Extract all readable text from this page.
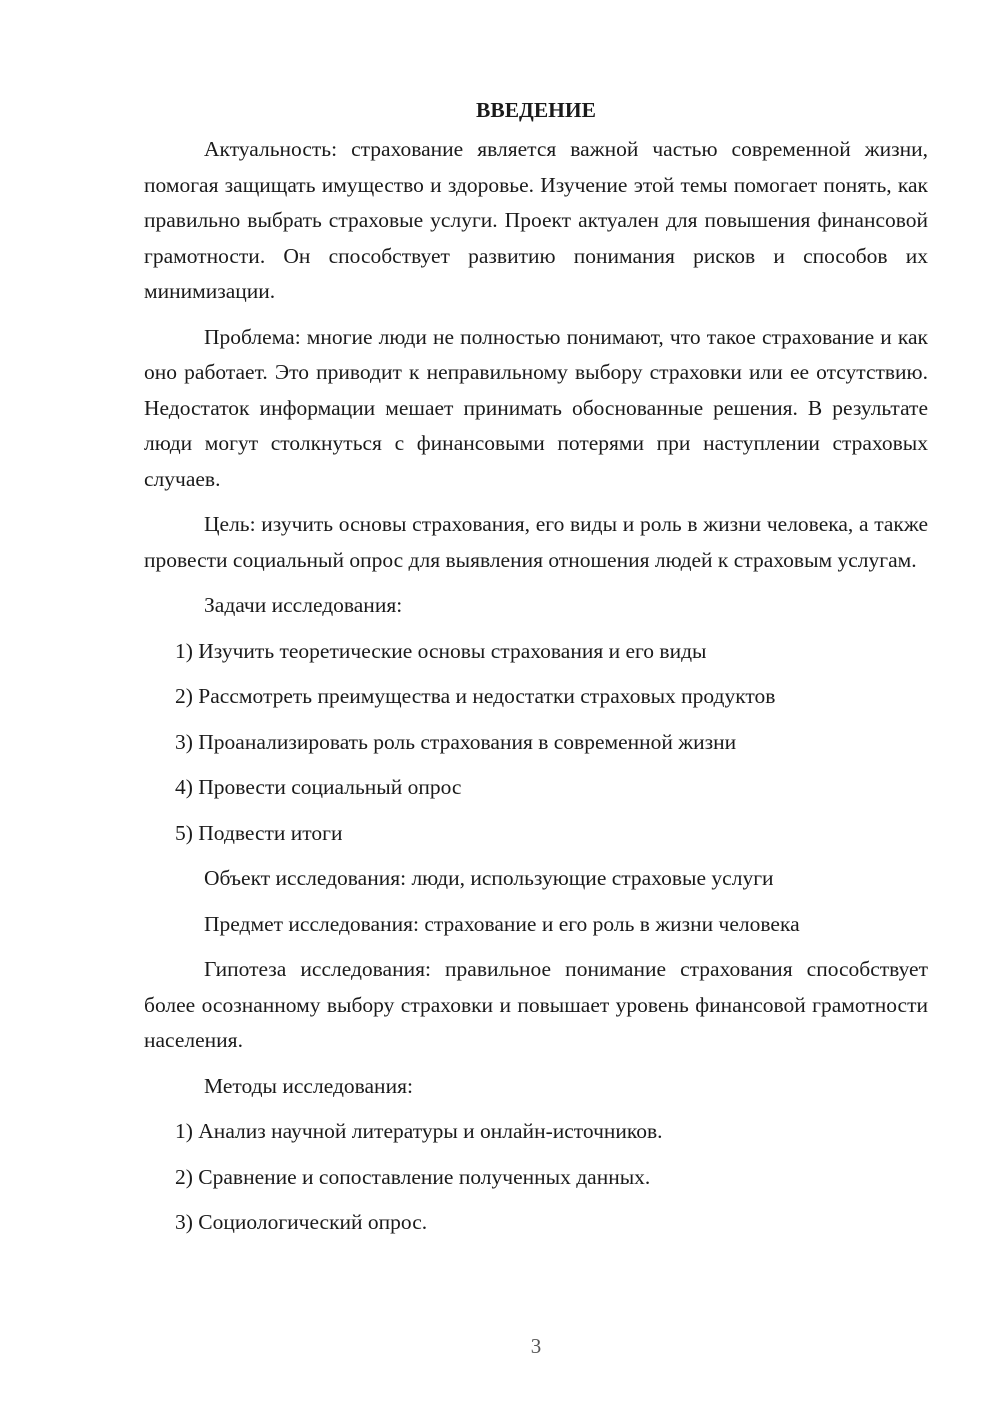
ВВЕДЕНИЕ

Актуальность: страхование является важной частью современной жизни, помогая защищать имущество и здоровье. Изучение этой темы помогает понять, как правильно выбрать страховые услуги. Проект актуален для повышения финансовой грамотности. Он способствует развитию понимания рисков и способов их минимизации.

Проблема: многие люди не полностью понимают, что такое страхование и как оно работает. Это приводит к неправильному выбору страховки или ее отсутствию. Недостаток информации мешает принимать обоснованные решения. В результате люди могут столкнуться с финансовыми потерями при наступлении страховых случаев.

Цель: изучить основы страхования, его виды и роль в жизни человека, а также провести социальный опрос для выявления отношения людей к страховым услугам.

Задачи исследования:
1) Изучить теоретические основы страхования и его виды
2) Рассмотреть преимущества и недостатки страховых продуктов
3) Проанализировать роль страхования в современной жизни
4) Провести социальный опрос
5) Подвести итоги
Объект исследования: люди, использующие страховые услуги
Предмет исследования: страхование и его роль в жизни человека

Гипотеза исследования: правильное понимание страхования способствует более осознанному выбору страховки и повышает уровень финансовой грамотности населения.

Методы исследования:
1) Анализ научной литературы и онлайн-источников.
2) Сравнение и сопоставление полученных данных.
3) Социологический опрос.
3
